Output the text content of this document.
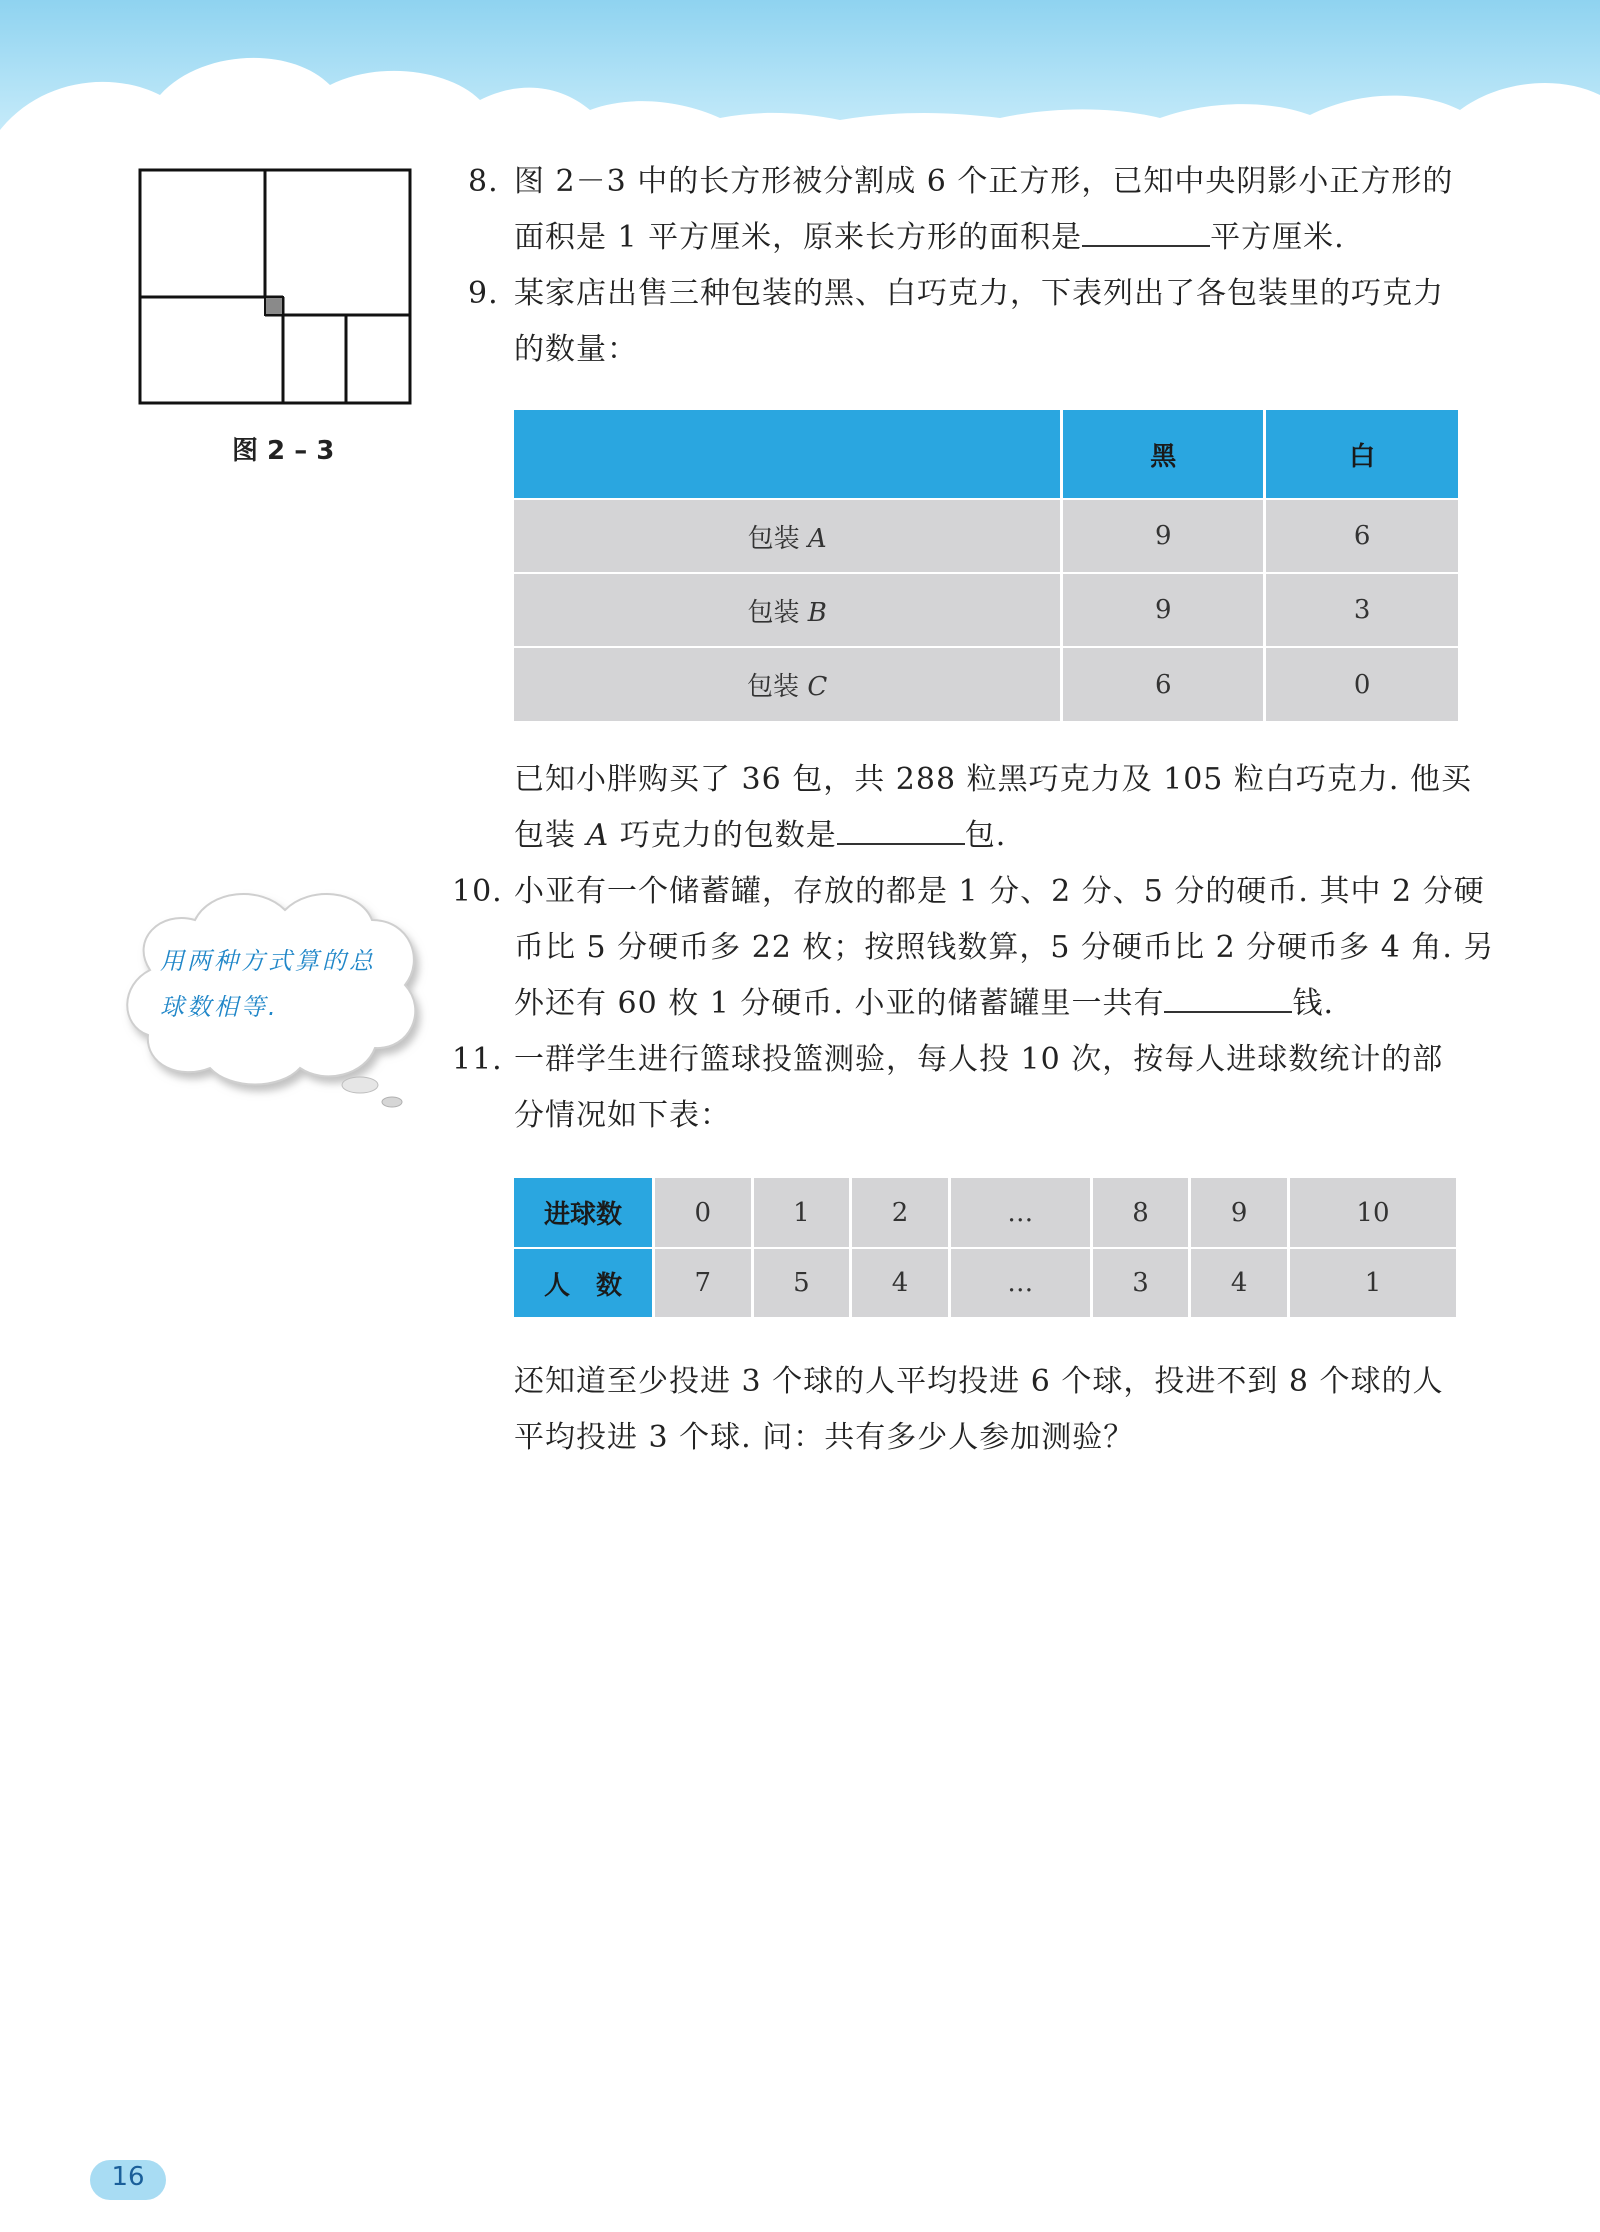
图 2 – 3
8. 图 2－3 中的长方形被分割成 6 个正方形，已知中央阴影小正方形的
面积是 1 平方厘米，原来长方形的面积是	平方厘米.
9. 某家店出售三种包装的黑、白巧克力，下表列出了各包装里的巧克力
的数量：
	黑	白
包装 A	9	6
包装 B	9	3
包装 C	6	0
已知小胖购买了 36 包，共 288 粒黑巧克力及 105 粒白巧克力. 他买
包装 A 巧克力的包数是	包.
10. 小亚有一个储蓄罐，存放的都是 1 分、2 分、5 分的硬币. 其中 2 分硬
币比 5 分硬币多 22 枚；按照钱数算，5 分硬币比 2 分硬币多 4 角. 另
外还有 60 枚 1 分硬币. 小亚的储蓄罐里一共有	钱.
用两种方式算的总
球数相等.
11. 一群学生进行篮球投篮测验，每人投 10 次，按每人进球数统计的部
分情况如下表：
进球数	0	1	2	…	8	9	10
人　数	7	5	4	…	3	4	1
还知道至少投进 3 个球的人平均投进 6 个球，投进不到 8 个球的人
平均投进 3 个球. 问：共有多少人参加测验？
16
